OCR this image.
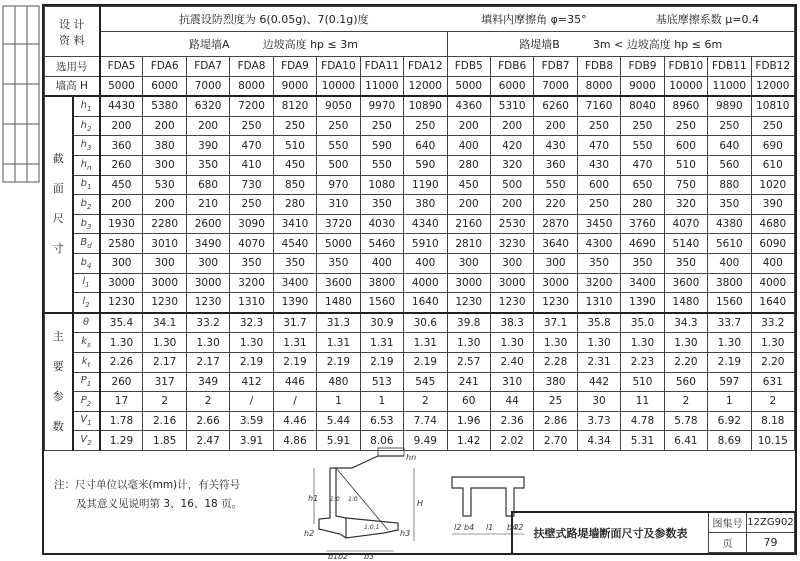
设 计
资 料		抗震设防烈度为 6(0.05g)、7(0.1g)度								填料内摩擦角 φ=35°				基底摩擦系数 μ=0.4			
		路堤墙A　　　边坡高度 hp ≤ 3m								路堤墙B　　　3m < 边坡高度 hp ≤ 6m							
选用号		FDA5	FDA6	FDA7	FDA8	FDA9	FDA10	FDA11	FDA12	FDB5	FDB6	FDB7	FDB8	FDB9	FDB10	FDB11	FDB12
墙高 H		5000	6000	7000	8000	9000	10000	11000	12000	5000	6000	7000	8000	9000	10000	11000	12000
截 面 尺 寸	$h_1$	4430	5380	6320	7200	8120	9050	9970	10890	4360	5310	6260	7160	8040	8960	9890	10810
	$h_2$	200	200	200	250	250	250	250	250	200	200	200	250	250	250	250	250
	$h_3$	360	380	390	470	510	550	590	640	400	420	430	470	550	600	640	690
	$h_n$	260	300	350	410	450	500	550	590	280	320	360	430	470	510	560	610
	$b_1$	450	530	680	730	850	970	1080	1190	450	500	550	600	650	750	880	1020
	$b_2$	200	200	210	250	280	310	350	380	200	200	220	250	280	320	350	390
	$b_3$	1930	2280	2600	3090	3410	3720	4030	4340	2160	2530	2870	3450	3760	4070	4380	4680
	$B_d$	2580	3010	3490	4070	4540	5000	5460	5910	2810	3230	3640	4300	4690	5140	5610	6090
	$b_4$	300	300	300	350	350	350	400	400	300	300	300	350	350	350	400	400
	$l_1$	3000	3000	3000	3200	3400	3600	3800	4000	3000	3000	3000	3200	3400	3600	3800	4000
	$l_2$	1230	1230	1230	1310	1390	1480	1560	1640	1230	1230	1230	1310	1390	1480	1560	1640
主 要 参 数	θ	35.4	34.1	33.2	32.3	31.7	31.3	30.9	30.6	39.8	38.3	37.1	35.8	35.0	34.3	33.7	33.2
	$k_s$	1.30	1.30	1.30	1.30	1.31	1.31	1.31	1.31	1.30	1.30	1.30	1.30	1.30	1.30	1.30	1.30
	$k_t$	2.26	2.17	2.17	2.19	2.19	2.19	2.19	2.19	2.57	2.40	2.28	2.31	2.23	2.20	2.19	2.20
	$P_1$	260	317	349	412	446	480	513	545	241	310	380	442	510	560	597	631
	$P_2$	17	2	2	/	/	1	1	2	60	44	25	30	11	2	1	2
	$V_1$	1.78	2.16	2.66	3.59	4.46	5.44	6.53	7.74	1.96	2.36	2.86	3.73	4.78	5.78	6.92	8.18
	$V_2$	1.29	1.85	2.47	3.91	4.86	5.91	8.06	9.49	1.42	2.02	2.70	4.34	5.31	6.41	8.69	10.15
注：尺寸单位以毫米(mm)计，有关符号
及其意义见说明第 3、16、18 页。	h1
H
1:0 1:0
1:0.1
b1 b2 b3
hn
h2	h3
l2 b4 l1 b4
l2 扶壁式路堤墙断面尺寸及参数表
图集号 12ZG902
页	79
